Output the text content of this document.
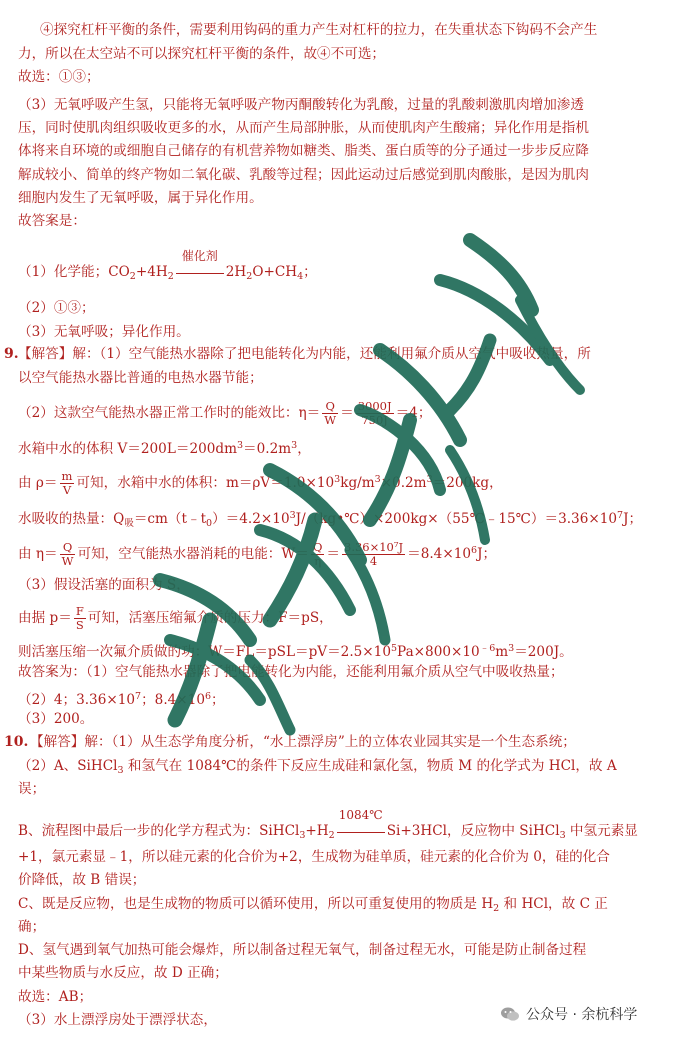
④探究杠杆平衡的条件，需要利用钩码的重力产生对杠杆的拉力，在失重状态下钩码不会产生
力，所以在太空站不可以探究杠杆平衡的条件，故④不可选；
故选：①③；
（3）无氧呼吸产生氢，只能将无氧呼吸产物丙酮酸转化为乳酸，过量的乳酸刺激肌肉增加渗透
压，同时使肌肉组织吸收更多的水，从而产生局部肿胀，从而使肌肉产生酸痛；异化作用是指机
体将来自环境的或细胞自己储存的有机营养物如糖类、脂类、蛋白质等的分子通过一步步反应降
解成较小、简单的终产物如二氧化碳、乳酸等过程；因此运动过后感觉到肌肉酸胀，是因为肌肉
细胞内发生了无氧呼吸，属于异化作用。
故答案是：
（1）化学能；$CO_2+4H_2$
催化剂
$2H_2O+CH_4$；
（2）①③；
（3）无氧呼吸；异化作用。
9. 【解答】解：（1）空气能热水器除了把电能转化为内能，还能利用氟介质从空气中吸收热量，所
以空气能热水器比普通的电热水器节能；
（2）这款空气能热水器正常工作时的能效比：$\eta= \frac{Q}{W} = \frac{3000J}{750J} =4$；
水箱中水的体积 $V=200L=200dm^3=0.2m^3$，
由 $\rho= \frac{m}{V}$ 可知，水箱中水的体积：$m=\rho V=1.0\times 10^3kg/m^3\times 0.2m^3=200kg$，
水吸收的热量：$Q_吸=cm(t﹣t_0)=4.2\times 10^3J/(kg•℃)\times 200kg\times(55℃﹣15℃)=3.36\times 10^7J$；
由 $\eta= \frac{Q}{W}$ 可知，空气能热水器消耗的电能：$W= \frac{Q}{\eta} = \frac{\text{3.36×10⁷J}}{4} =8.4\times 10^6J$；
（3）假设活塞的面积为 S，
由据 $p= \frac{F}{S}$ 可知，活塞压缩氟介质的压力：F＝pS，
则活塞压缩一次氟介质做的功：$W=FL=pSL=pV=2.5\times 10^5Pa\times 800\times 10^{﹣6}m^3=200J$。
故答案为：（1）空气能热水器除了把电能转化为内能，还能利用氟介质从空气中吸收热量；
（2）4；$3.36\times 10^7$；$8.4\times 10^6$；
（3）200。
10. 【解答】解：（1）从生态学角度分析，“水上漂浮房”上的立体农业园其实是一个生态系统；
（2）A、SiHCl$_3$ 和氢气在 1084℃的条件下反应生成硅和氯化氢，物质 M 的化学式为 HCl，故 A
误；
B、流程图中最后一步的化学方程式为：$SiHCl_3+H_2$
1084℃
Si+3HCl，反应物中 SiHCl$_3$ 中氢元素显
+1，氯元素显﹣1，所以硅元素的化合价为+2，生成物为硅单质，硅元素的化合价为 0，硅的化合
价降低，故 B 错误；
C、既是反应物，也是生成物的物质可以循环使用，所以可重复使用的物质是 $H_2$ 和 HCl，故 C 正
确；
D、氢气遇到氧气加热可能会爆炸，所以制备过程无氧气，制备过程无水，可能是防止制备过程
中某些物质与水反应，故 D 正确；
故选：AB；
（3）水上漂浮房处于漂浮状态，	公众号 · 余杭科学
